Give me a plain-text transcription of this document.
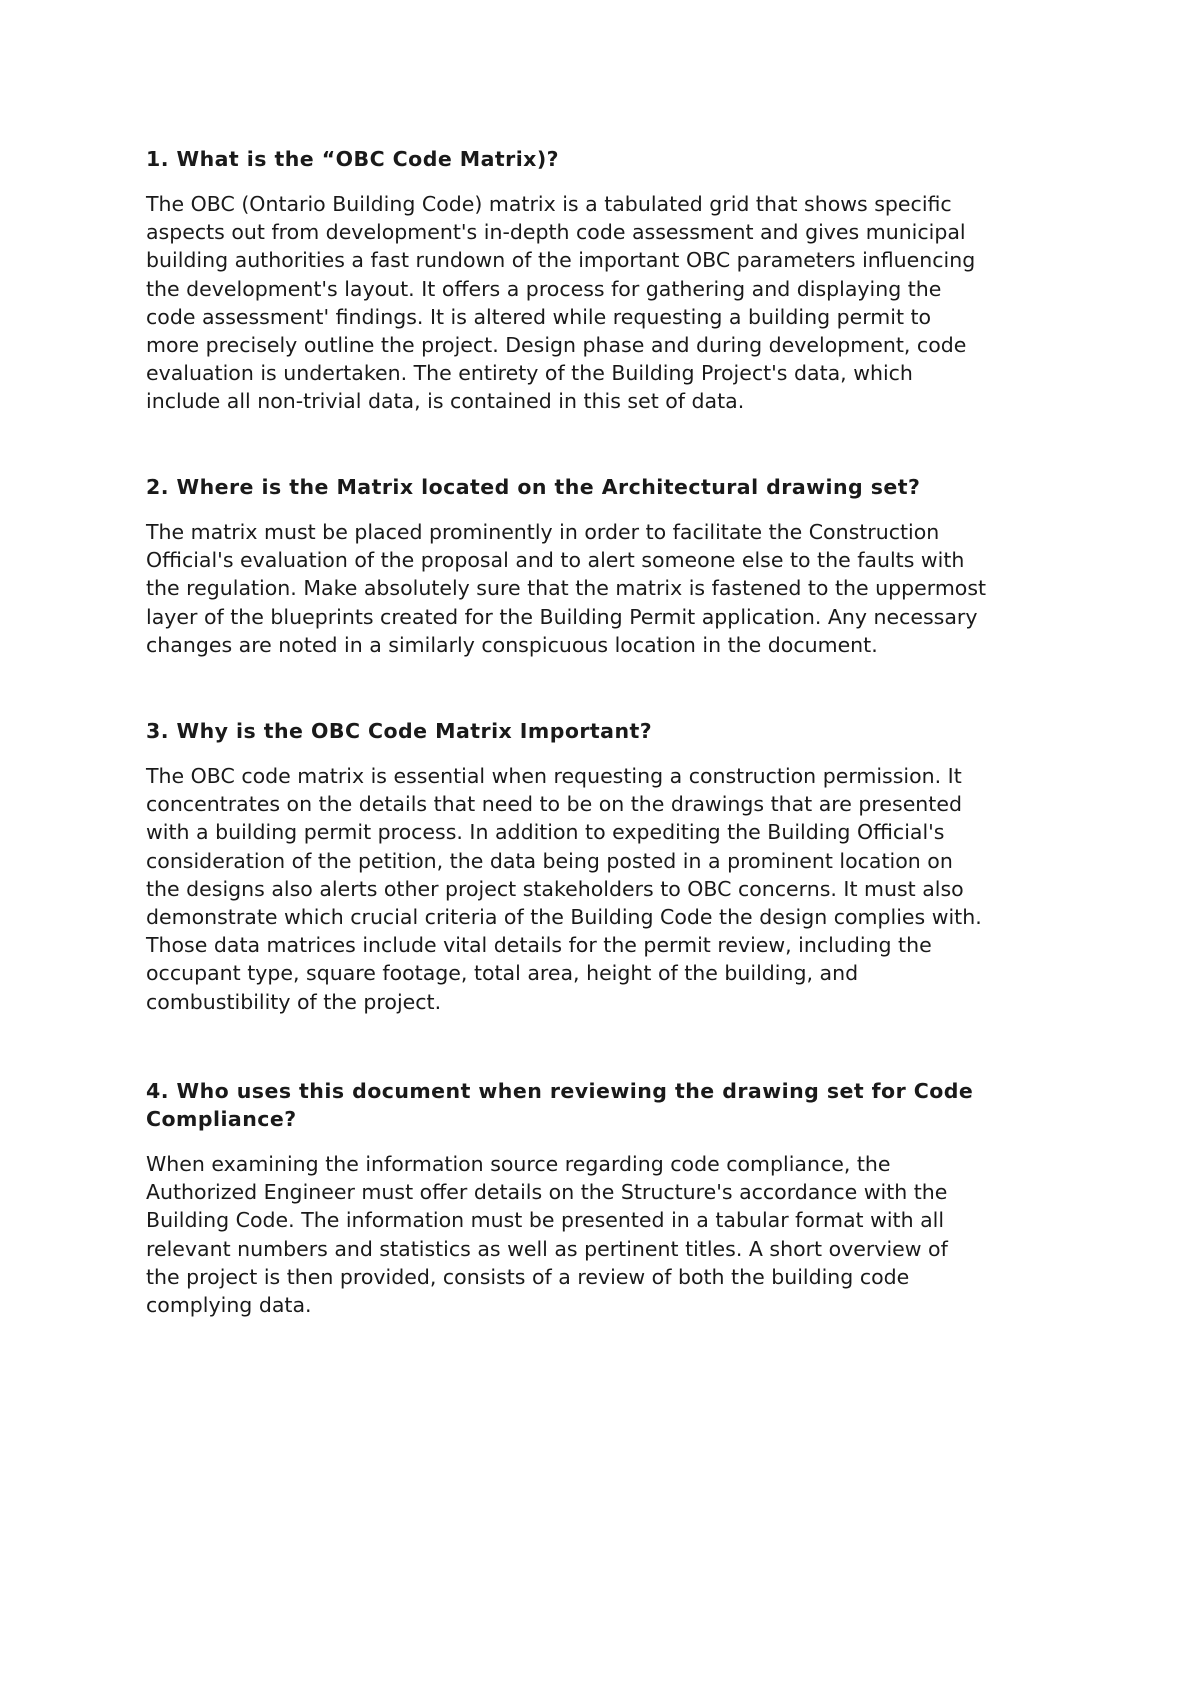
1. What is the “OBC Code Matrix)?
The OBC (Ontario Building Code) matrix is a tabulated grid that shows specific
aspects out from development's in-depth code assessment and gives municipal
building authorities a fast rundown of the important OBC parameters influencing
the development's layout. It offers a process for gathering and displaying the
code assessment' findings. It is altered while requesting a building permit to
more precisely outline the project. Design phase and during development, code
evaluation is undertaken. The entirety of the Building Project's data, which
include all non-trivial data, is contained in this set of data.
2. Where is the Matrix located on the Architectural drawing set?
The matrix must be placed prominently in order to facilitate the Construction
Official's evaluation of the proposal and to alert someone else to the faults with
the regulation. Make absolutely sure that the matrix is fastened to the uppermost
layer of the blueprints created for the Building Permit application. Any necessary
changes are noted in a similarly conspicuous location in the document.
3. Why is the OBC Code Matrix Important?
The OBC code matrix is essential when requesting a construction permission. It
concentrates on the details that need to be on the drawings that are presented
with a building permit process. In addition to expediting the Building Official's
consideration of the petition, the data being posted in a prominent location on
the designs also alerts other project stakeholders to OBC concerns. It must also
demonstrate which crucial criteria of the Building Code the design complies with.
Those data matrices include vital details for the permit review, including the
occupant type, square footage, total area, height of the building, and
combustibility of the project.
4. Who uses this document when reviewing the drawing set for Code
Compliance?
When examining the information source regarding code compliance, the
Authorized Engineer must offer details on the Structure's accordance with the
Building Code. The information must be presented in a tabular format with all
relevant numbers and statistics as well as pertinent titles. A short overview of
the project is then provided, consists of a review of both the building code
complying data.
